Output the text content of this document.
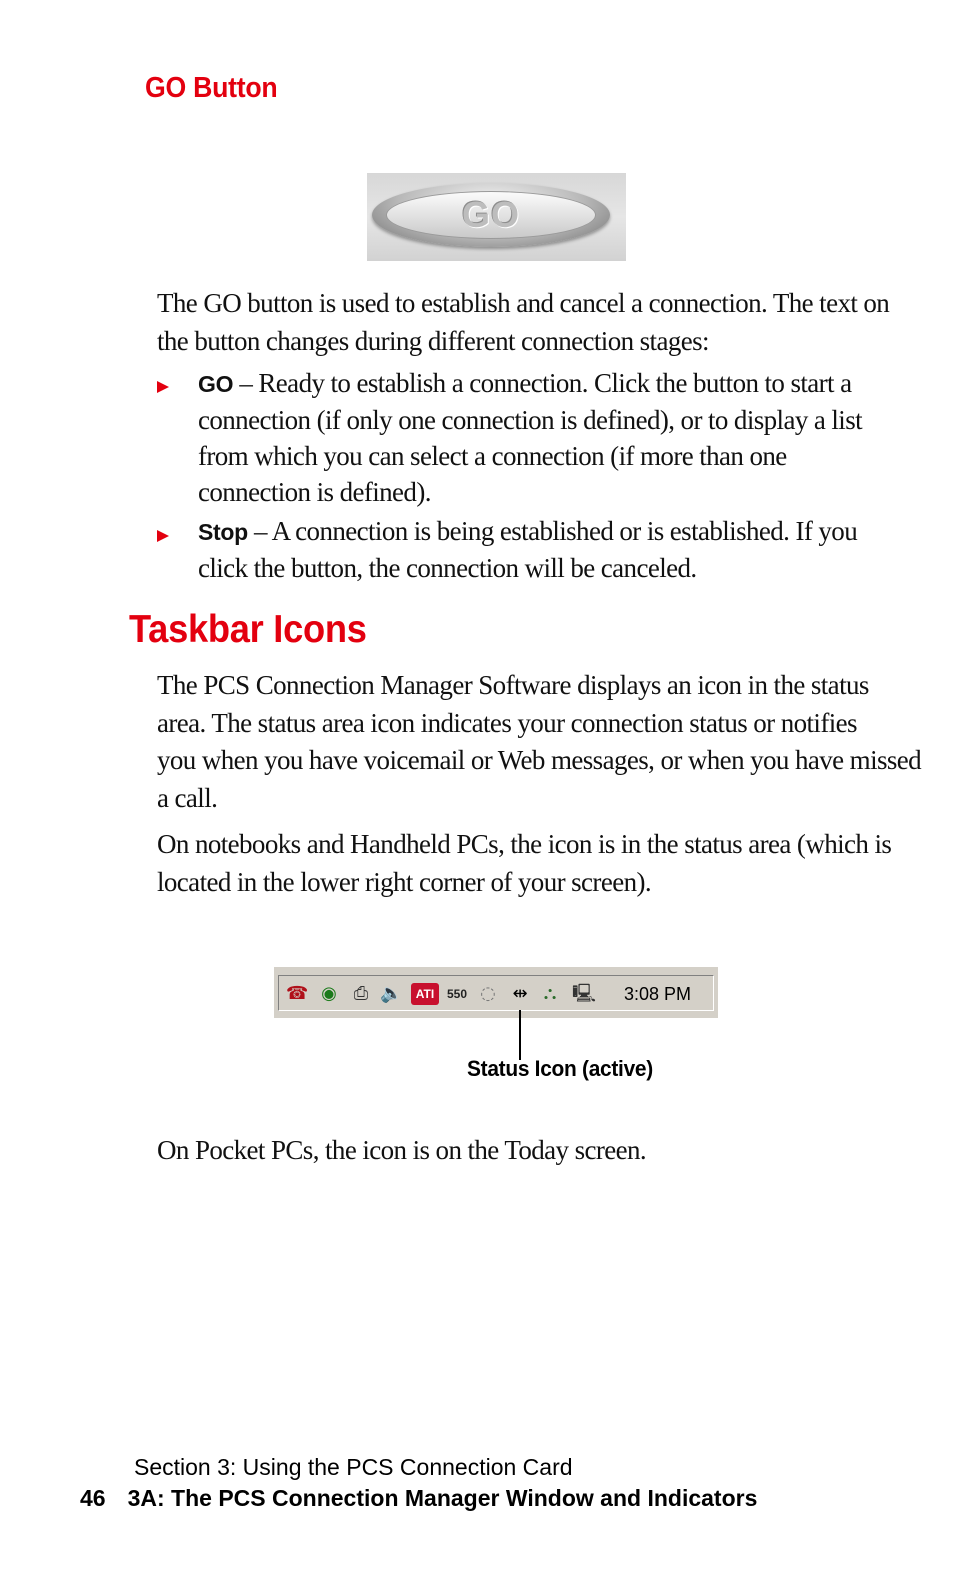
GO Button
GO

The GO button is used to establish and cancel a connection. The text on
the button changes during different connection stages:

GO – Ready to establish a connection. Click the button to start a
connection (if only one connection is defined), or to display a list
from which you can select a connection (if more than one
connection is defined).

Stop – A connection is being established or is established. If you
click the button, the connection will be canceled.

Taskbar Icons

The PCS Connection Manager Software displays an icon in the status
area. The status area icon indicates your connection status or notifies
you when you have voicemail or Web messages, or when you have missed
a call.

On notebooks and Handheld PCs, the icon is in the status area (which is
located in the lower right corner of your screen).

☎ ◉ ⎙ 🔈	ATI	550 ◌ ⇹ ⛬ 🖳 3:08 PM
Status Icon (active)

On Pocket PCs, the icon is on the Today screen.

Section 3: Using the PCS Connection Card

46 3A: The PCS Connection Manager Window and Indicators
